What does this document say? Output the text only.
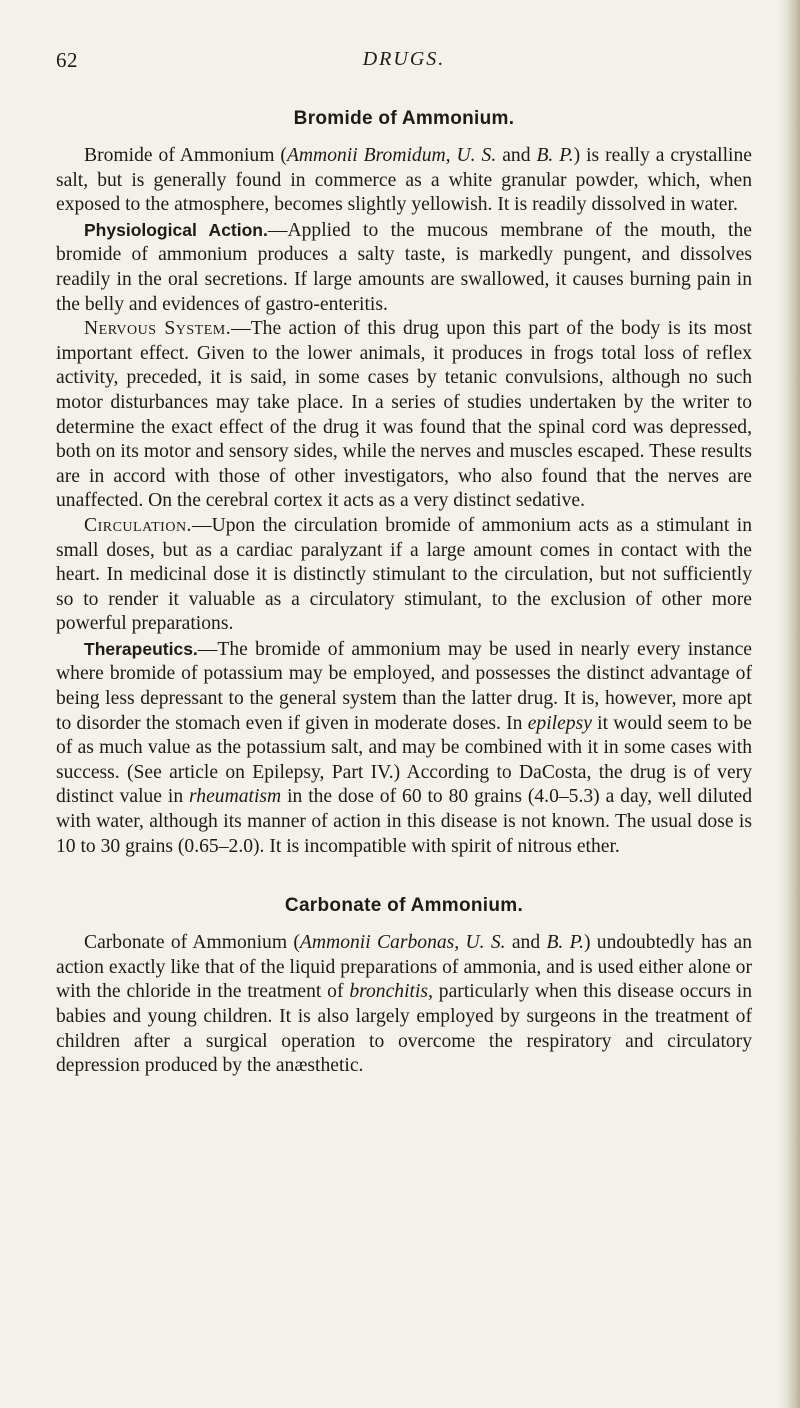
62	DRUGS.
Bromide of Ammonium.

Bromide of Ammonium (Ammonii Bromidum, U. S. and B. P.) is really a crystalline salt, but is generally found in commerce as a white granular powder, which, when exposed to the atmosphere, becomes slightly yellowish. It is readily dissolved in water.

Physiological Action.—Applied to the mucous membrane of the mouth, the bromide of ammonium produces a salty taste, is markedly pungent, and dissolves readily in the oral secretions. If large amounts are swallowed, it causes burning pain in the belly and evidences of gastro-enteritis.

Nervous System.—The action of this drug upon this part of the body is its most important effect. Given to the lower animals, it produces in frogs total loss of reflex activity, preceded, it is said, in some cases by tetanic convulsions, although no such motor disturbances may take place. In a series of studies undertaken by the writer to determine the exact effect of the drug it was found that the spinal cord was depressed, both on its motor and sensory sides, while the nerves and muscles escaped. These results are in accord with those of other investigators, who also found that the nerves are unaffected. On the cerebral cortex it acts as a very distinct sedative.

Circulation.—Upon the circulation bromide of ammonium acts as a stimulant in small doses, but as a cardiac paralyzant if a large amount comes in contact with the heart. In medicinal dose it is distinctly stimulant to the circulation, but not sufficiently so to render it valuable as a circulatory stimulant, to the exclusion of other more powerful preparations.

Therapeutics.—The bromide of ammonium may be used in nearly every instance where bromide of potassium may be employed, and possesses the distinct advantage of being less depressant to the general system than the latter drug. It is, however, more apt to disorder the stomach even if given in moderate doses. In epilepsy it would seem to be of as much value as the potassium salt, and may be combined with it in some cases with success. (See article on Epilepsy, Part IV.) According to DaCosta, the drug is of very distinct value in rheumatism in the dose of 60 to 80 grains (4.0–5.3) a day, well diluted with water, although its manner of action in this disease is not known. The usual dose is 10 to 30 grains (0.65–2.0). It is incompatible with spirit of nitrous ether.

Carbonate of Ammonium.

Carbonate of Ammonium (Ammonii Carbonas, U. S. and B. P.) undoubtedly has an action exactly like that of the liquid preparations of ammonia, and is used either alone or with the chloride in the treatment of bronchitis, particularly when this disease occurs in babies and young children. It is also largely employed by surgeons in the treatment of children after a surgical operation to overcome the respiratory and circulatory depression produced by the anæsthetic.
